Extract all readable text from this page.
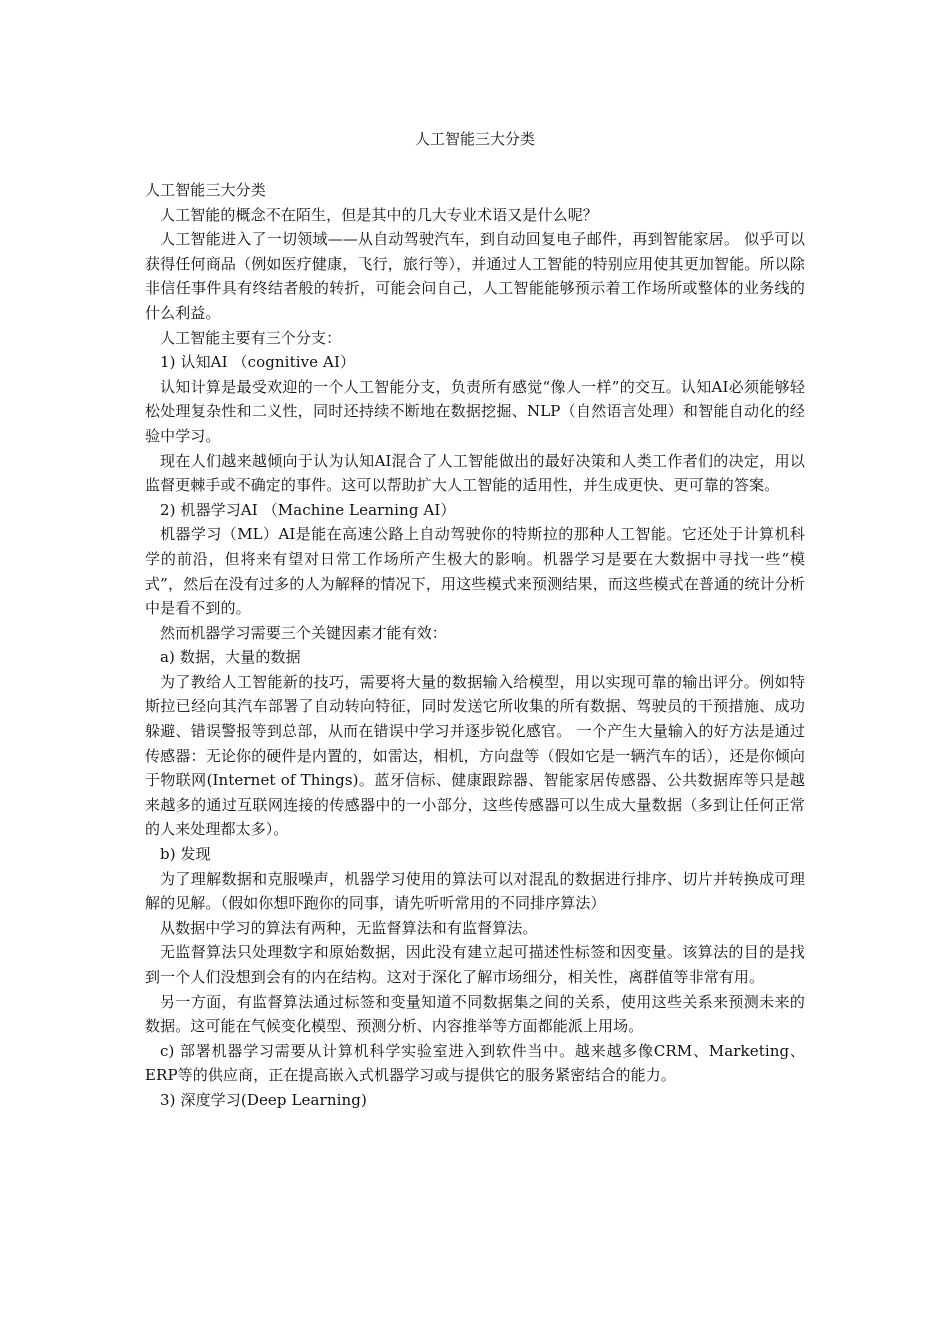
人工智能三大分类

人工智能三大分类

人工智能的概念不在陌生，但是其中的几大专业术语又是什么呢？

人工智能进入了一切领域——从自动驾驶汽车，到自动回复电子邮件，再到智能家居。 似乎可以获得任何商品（例如医疗健康，飞行，旅行等），并通过人工智能的特别应用使其更加智能。所以除非信任事件具有终结者般的转折，可能会问自己，人工智能能够预示着工作场所或整体的业务线的什么利益。

人工智能主要有三个分支：

1) 认知AI （cognitive AI）

认知计算是最受欢迎的一个人工智能分支，负责所有感觉“像人一样”的交互。认知AI必须能够轻松处理复杂性和二义性，同时还持续不断地在数据挖掘、NLP（自然语言处理）和智能自动化的经验中学习。

现在人们越来越倾向于认为认知AI混合了人工智能做出的最好决策和人类工作者们的决定，用以监督更棘手或不确定的事件。这可以帮助扩大人工智能的适用性，并生成更快、更可靠的答案。

2) 机器学习AI （Machine Learning AI）

机器学习（ML）AI是能在高速公路上自动驾驶你的特斯拉的那种人工智能。它还处于计算机科学的前沿，但将来有望对日常工作场所产生极大的影响。机器学习是要在大数据中寻找一些“模式”，然后在没有过多的人为解释的情况下，用这些模式来预测结果，而这些模式在普通的统计分析中是看不到的。

然而机器学习需要三个关键因素才能有效：

a) 数据，大量的数据

为了教给人工智能新的技巧，需要将大量的数据输入给模型，用以实现可靠的输出评分。例如特斯拉已经向其汽车部署了自动转向特征，同时发送它所收集的所有数据、驾驶员的干预措施、成功躲避、错误警报等到总部，从而在错误中学习并逐步锐化感官。 一个产生大量输入的好方法是通过传感器：无论你的硬件是内置的，如雷达，相机，方向盘等（假如它是一辆汽车的话），还是你倾向于物联网(Internet of Things)。蓝牙信标、健康跟踪器、智能家居传感器、公共数据库等只是越来越多的通过互联网连接的传感器中的一小部分，这些传感器可以生成大量数据（多到让任何正常的人来处理都太多）。

b) 发现

为了理解数据和克服噪声，机器学习使用的算法可以对混乱的数据进行排序、切片并转换成可理解的见解。（假如你想吓跑你的同事，请先听听常用的不同排序算法）

从数据中学习的算法有两种，无监督算法和有监督算法。

无监督算法只处理数字和原始数据，因此没有建立起可描述性标签和因变量。该算法的目的是找到一个人们没想到会有的内在结构。这对于深化了解市场细分，相关性，离群值等非常有用。

另一方面，有监督算法通过标签和变量知道不同数据集之间的关系，使用这些关系来预测未来的数据。这可能在气候变化模型、预测分析、内容推举等方面都能派上用场。

c) 部署机器学习需要从计算机科学实验室进入到软件当中。越来越多像CRM、Marketing、ERP等的供应商，正在提高嵌入式机器学习或与提供它的服务紧密结合的能力。

3) 深度学习(Deep Learning)
